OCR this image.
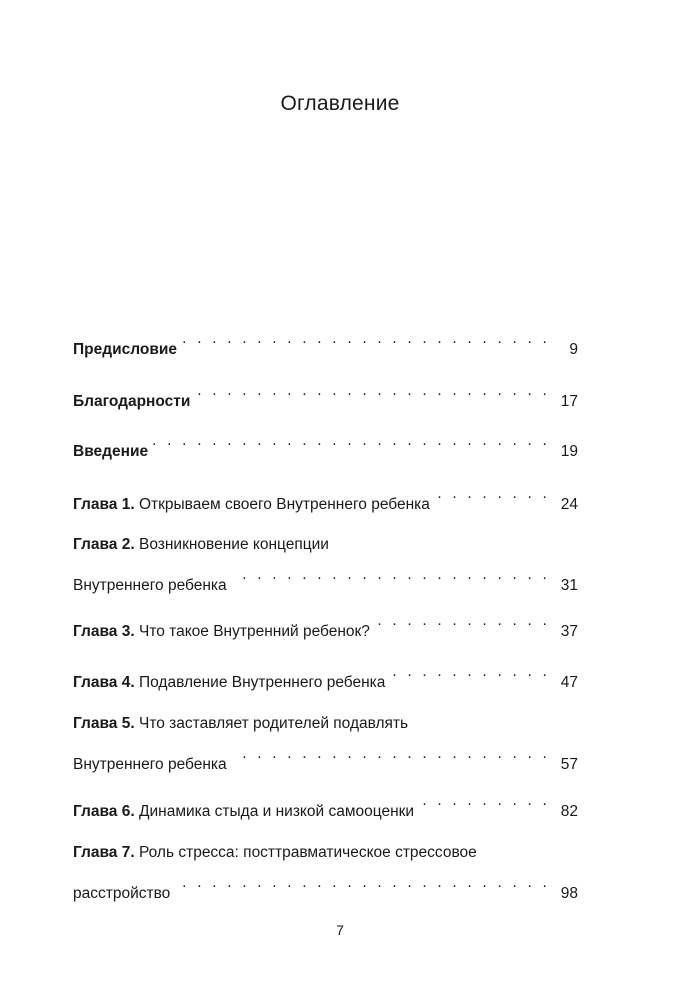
Оглавление
Предисловие . . .	9
Благодарности . . .	17
Введение . . .	19
Глава 1. Открываем своего Внутреннего ребенка . . .	24
Глава 2. Возникновение концепции
Внутреннего ребенка . . .	31
Глава 3. Что такое Внутренний ребенок? . . .	37
Глава 4. Подавление Внутреннего ребенка . . .	47
Глава 5. Что заставляет родителей подавлять
Внутреннего ребенка . . .	57
Глава 6. Динамика стыда и низкой самооценки . . .	82
Глава 7. Роль стресса: посттравматическое стрессовое
расстройство . . .	98
7
